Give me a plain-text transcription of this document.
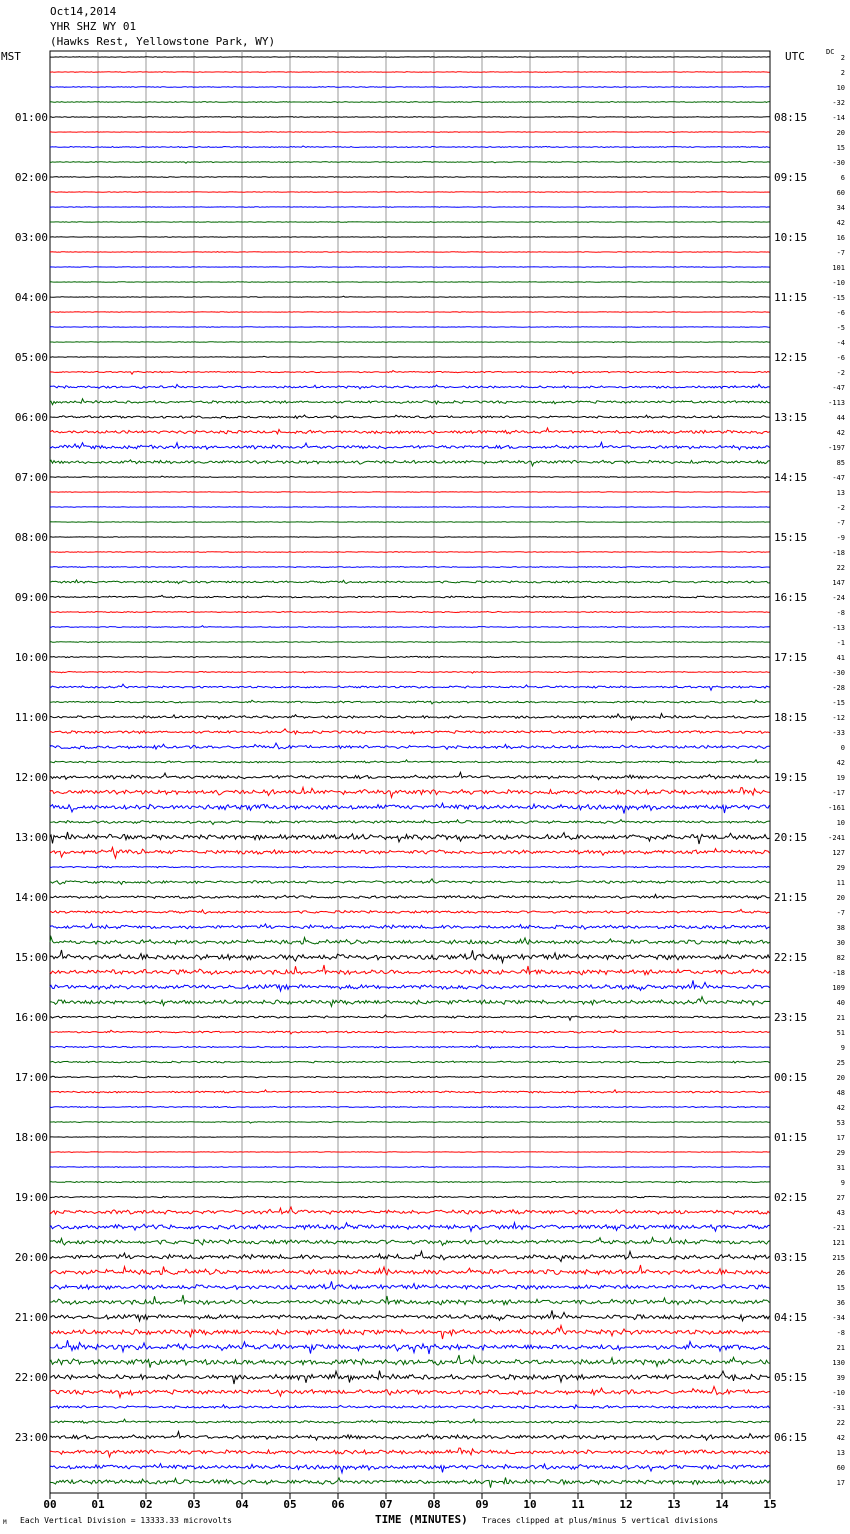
Oct14,2014
YHR SHZ WY 01
(Hawks Rest, Yellowstone Park, WY)
MST	UTC	DC
00	01	02	03	04	05	06	07	08	09	10	11	12	13	14	15
2
2
10
-32
-14
20
15
-30
6
60
34
42
16
-7
101
-10
-15
-6
-5
-4
-6
-2
-47
-113
44
42
-197
85
-47
13
-2
-7
-9
-18
22
147
-24
-8
-13
-1
41
-30
-28
-15
-12
-33
0
42
19
-17
-161
10
-241
127
29
11
20
-7
38
30
82
-18
109
40
21
51
9
25
20
48
42
53
17
29
31
9
27
43
-21
121
215
26
15
36
-34
-8
21
130
39
-10
-31
22
42
13
60
17
01:00
02:00
03:00
04:00
05:00
06:00
07:00
08:00
09:00
10:00
11:00
12:00
13:00
14:00
15:00
16:00
17:00
18:00
19:00
20:00
21:00
22:00
23:00
08:15
09:15
10:15
11:15
12:15
13:15
14:15
15:15
16:15
17:15
18:15
19:15
20:15
21:15
22:15
23:15
00:15
01:15
02:15
03:15
04:15
05:15
06:15
M Each Vertical Division = 13333.33 microvolts	TIME (MINUTES) Traces clipped at plus/minus 5 vertical divisions
